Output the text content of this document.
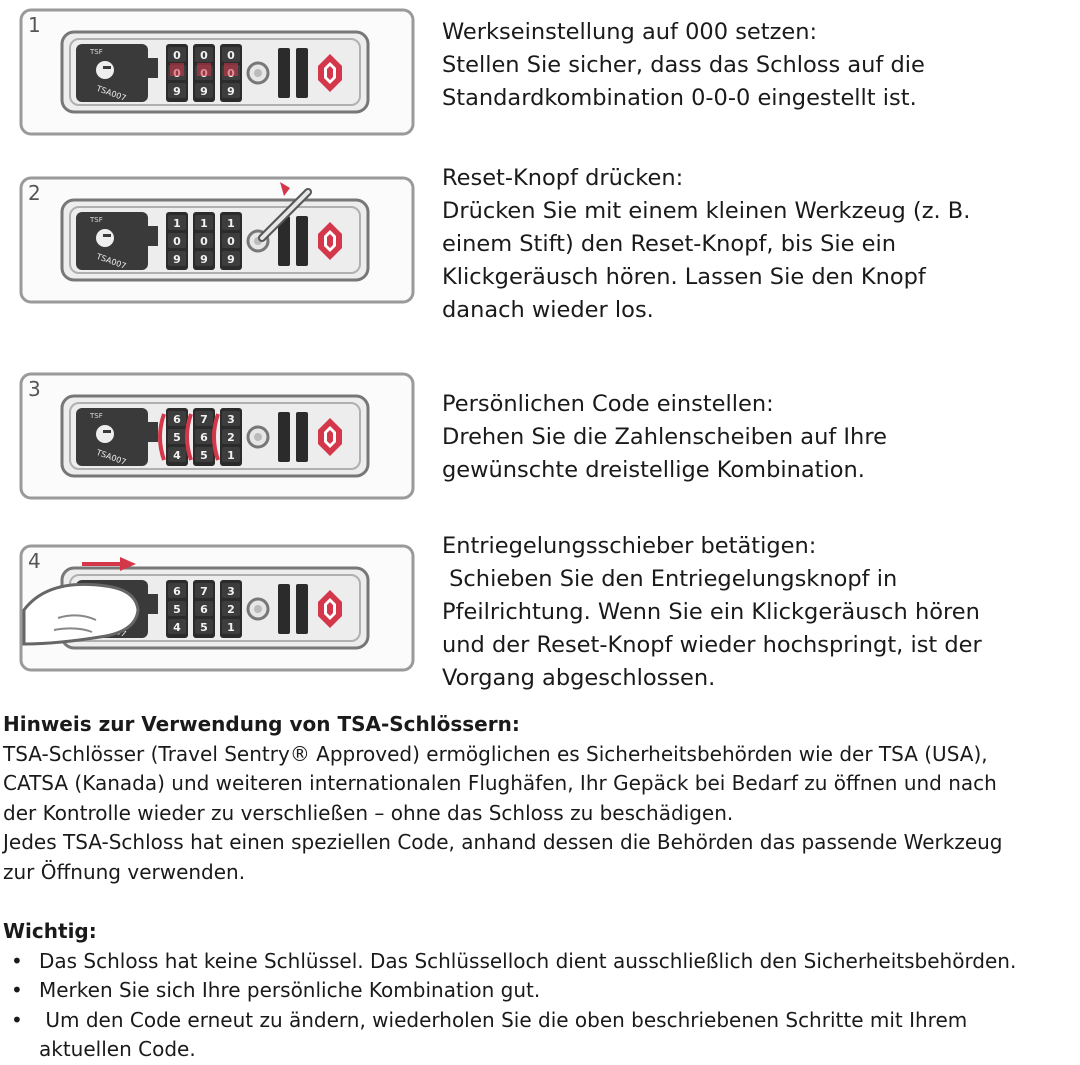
1
TSF
TSA007
0
9
0
9
0
9
2
TSF
TSA007
1
0
9
1
0
9
1
0
9
3
TSF
TSA007
6
5
4
7
6
5
3
2
1
4
6
5
4
7
6
5
3
2
1
Werkseinstellung auf 000 setzen:
Stellen Sie sicher, dass das Schloss auf die
Standardkombination 0-0-0 eingestellt ist.
Reset-Knopf drücken:
Drücken Sie mit einem kleinen Werkzeug (z. B.
einem Stift) den Reset-Knopf, bis Sie ein
Klickgeräusch hören. Lassen Sie den Knopf
danach wieder los.
Persönlichen Code einstellen:
Drehen Sie die Zahlenscheiben auf Ihre
gewünschte dreistellige Kombination.
Entriegelungsschieber betätigen:
Schieben Sie den Entriegelungsknopf in
Pfeilrichtung. Wenn Sie ein Klickgeräusch hören
und der Reset-Knopf wieder hochspringt, ist der
Vorgang abgeschlossen.
Hinweis zur Verwendung von TSA-Schlössern:
TSA-Schlösser (Travel Sentry® Approved) ermöglichen es Sicherheitsbehörden wie der TSA (USA),
CATSA (Kanada) und weiteren internationalen Flughäfen, Ihr Gepäck bei Bedarf zu öffnen und nach
der Kontrolle wieder zu verschließen – ohne das Schloss zu beschädigen.
Jedes TSA-Schloss hat einen speziellen Code, anhand dessen die Behörden das passende Werkzeug
zur Öffnung verwenden.
Wichtig:
• Das Schloss hat keine Schlüssel. Das Schlüsselloch dient ausschließlich den Sicherheitsbehörden.
• Merken Sie sich Ihre persönliche Kombination gut.
• Um den Code erneut zu ändern, wiederholen Sie die oben beschriebenen Schritte mit Ihrem
aktuellen Code.
